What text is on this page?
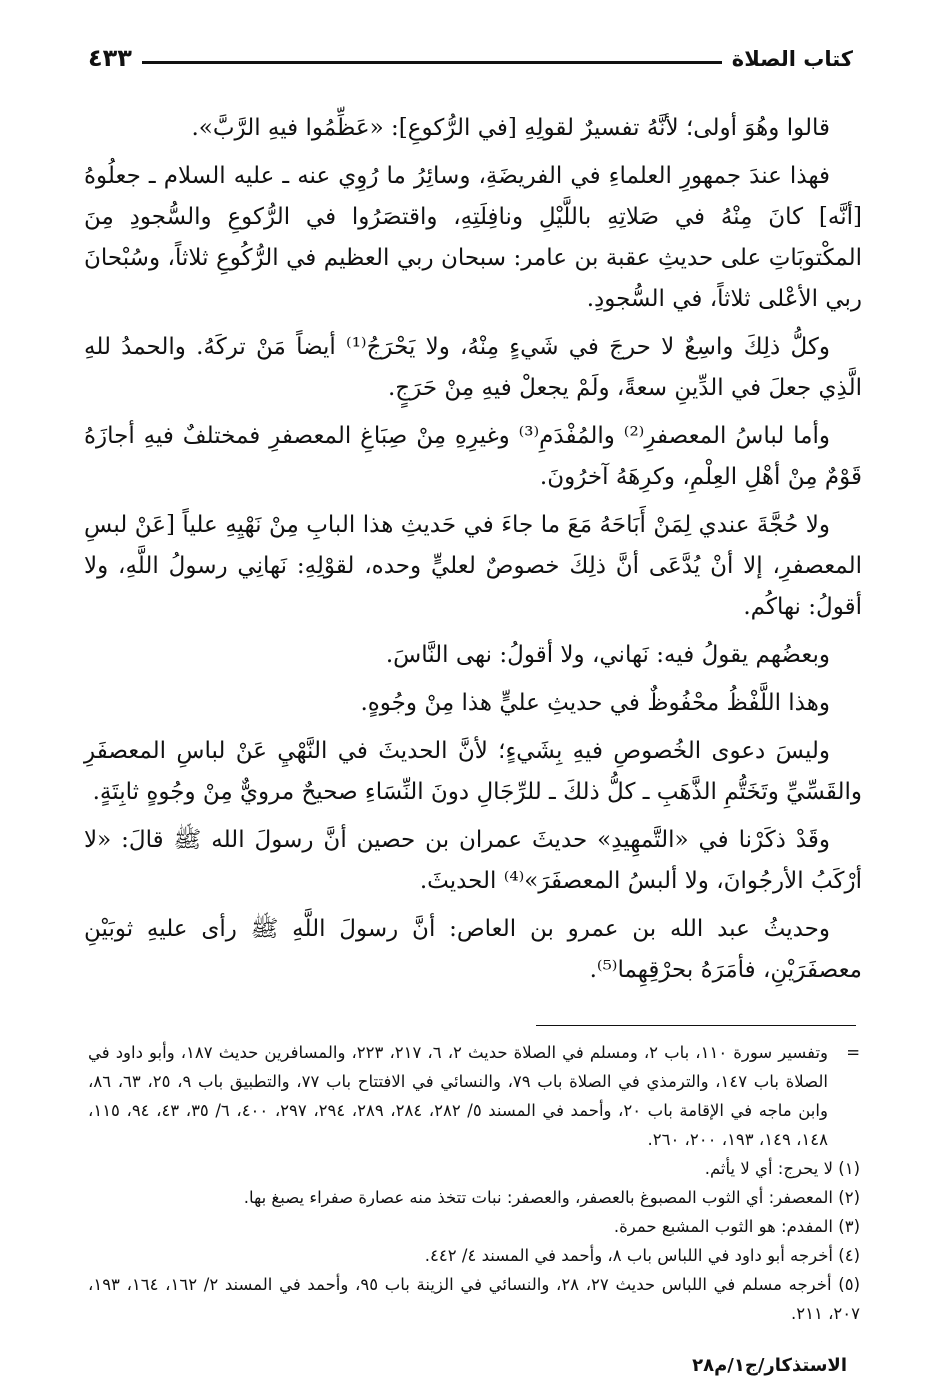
كتاب الصلاة
٤٣٣

قالوا وهُوَ أولى؛ لأنَّهُ تفسيرٌ لقولِهِ [في الرُّكوعِ]: «عَظِّمُوا فيهِ الرَّبَّ».

فهذا عندَ جمهورِ العلماءِ في الفريضَةِ، وسائِرُ ما رُوِي عنه ـ عليه السلام ـ جعلُوهُ [أنَّه] كانَ مِنْهُ في صَلاتِهِ باللَّيْلِ ونافِلَتِهِ، واقتصَرُوا في الرُّكوعِ والسُّجودِ مِنَ المكْتوبَاتِ على حديثِ عقبة بن عامر: سبحان ربي العظيم في الرُّكُوعِ ثلاثاً، وسُبْحانَ ربي الأعْلى ثلاثاً، في السُّجودِ.

وكلُّ ذلِكَ واسِعٌ لا حرجَ في شَيءٍ مِنْهُ، ولا يَحْرَجُ⁽¹⁾ أيضاً مَنْ تركَهُ. والحمدُ للهِ الَّذِي جعلَ في الدِّينِ سعةً، ولَمْ يجعلْ فيهِ مِنْ حَرَجٍ.

وأما لباسُ المعصفرِ⁽²⁾ والمُفْدَمِ⁽³⁾ وغيرِهِ مِنْ صِبَاغِ المعصفرِ فمختلفٌ فيهِ أجازَهُ قَوْمٌ مِنْ أهْلِ العِلْمِ، وكرِهَهُ آخرُونَ.

ولا حُجَّةَ عندي لِمَنْ أَبَاحَهُ مَعَ ما جاءَ في حَديثِ هذا البابِ مِنْ نَهْيِهِ علياً [عَنْ لبسِ المعصفرِ، إلا أنْ يُدَّعَى أنَّ ذلِكَ خصوصٌ لعليٍّ وحده، لقوْلِهِ: نَهانِي رسولُ اللَّهِ، ولا أقولُ: نهاكُم.

وبعضُهم يقولُ فيه: نَهاني، ولا أقولُ: نهى النَّاسَ.

وهذا اللَّفْظُ محْفُوظٌ في حديثِ عليٍّ هذا مِنْ وجُوهٍ.

وليسَ دعوى الخُصوصِ فيهِ بِشَيءٍ؛ لأنَّ الحديثَ في النَّهْيِ عَنْ لباسِ المعصفَرِ والقَسِّيِّ وتَخَتُّمِ الذَّهَبِ ـ كلُّ ذلكَ ـ للرِّجَالِ دونَ النِّسَاءِ صحيحٌ مرويٌّ مِنْ وجُوهٍ ثابِتَةٍ.

وقَدْ ذكَرْنا في «التَّمهِيدِ» حديثَ عمران بن حصين أنَّ رسولَ الله ﷺ قالَ: «لا أرْكَبُ الأرجُوانَ، ولا ألبسُ المعصفَرَ»⁽⁴⁾ الحديثَ.

وحديثُ عبد الله بن عمرو بن العاص: أنَّ رسولَ اللَّهِ ﷺ رأى عليهِ ثوبَيْنِ معصفَرَيْنِ، فأمَرَهُ بحرْقِهِما⁽⁵⁾.

=وتفسير سورة ١١٠، باب ٢، ومسلم في الصلاة حديث ٢، ٦، ٢١٧، ٢٢٣، والمسافرين حديث ١٨٧، وأبو داود في الصلاة باب ١٤٧، والترمذي في الصلاة باب ٧٩، والنسائي في الافتتاح باب ٧٧، والتطبيق باب ٩، ٢٥، ٦٣، ٨٦، وابن ماجه في الإقامة باب ٢٠، وأحمد في المسند ٥/ ٢٨٢، ٢٨٤، ٢٨٩، ٢٩٤، ٢٩٧، ٤٠٠، ٦/ ٣٥، ٤٣، ٩٤، ١١٥، ١٤٨، ١٤٩، ١٩٣، ٢٠٠، ٢٦٠.

(١) لا يحرج: أي لا يأثم.

(٢) المعصفر: أي الثوب المصبوغ بالعصفر، والعصفر: نبات تتخذ منه عصارة صفراء يصبغ بها.

(٣) المفدم: هو الثوب المشبع حمرة.

(٤) أخرجه أبو داود في اللباس باب ٨، وأحمد في المسند ٤/ ٤٤٢.

(٥) أخرجه مسلم في اللباس حديث ٢٧، ٢٨، والنسائي في الزينة باب ٩٥، وأحمد في المسند ٢/ ١٦٢، ١٦٤، ١٩٣، ٢٠٧، ٢١١.

الاستذكار/ج١/م٢٨
